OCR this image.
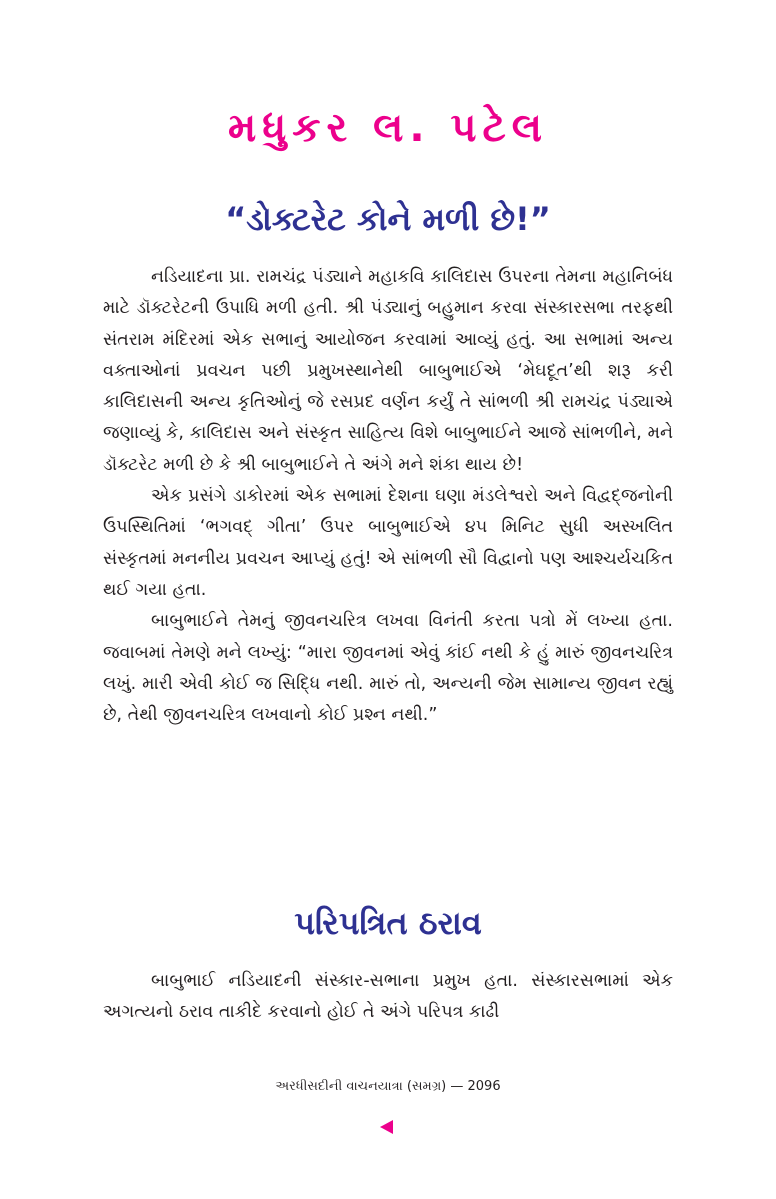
મધુકર લ. પટેલ
“ડોક્ટરેટ કોને મળી છે!”

નડિયાદના પ્રા. રામચંદ્ર પંડ્યાને મહાકવિ કાલિદાસ ઉપરના તેમના મહાનિબંધ માટે ડૉક્ટરેટની ઉપાધિ મળી હતી. શ્રી પંડ્યાનું બહુમાન કરવા સંસ્કારસભા તરફથી સંતરામ મંદિરમાં એક સભાનું આયોજન કરવામાં આવ્યું હતું. આ સભામાં અન્ય વક્તાઓનાં પ્રવચન પછી પ્રમુખસ્થાનેથી બાબુભાઈએ ‘મેઘદૂત’થી શરૂ કરી કાલિદાસની અન્ય કૃતિઓનું જે રસપ્રદ વર્ણન કર્યું તે સાંભળી શ્રી રામચંદ્ર પંડ્યાએ જણાવ્યું કે, કાલિદાસ અને સંસ્કૃત સાહિત્ય વિશે બાબુભાઈને આજે સાંભળીને, મને ડૉક્ટરેટ મળી છે કે શ્રી બાબુભાઈને તે અંગે મને શંકા થાય છે!

એક પ્રસંગે ડાકોરમાં એક સભામાં દેશના ઘણા મંડલેશ્વરો અને વિદ્વદ્જનોની ઉપસ્થિતિમાં ‘ભગવદ્ ગીતા’ ઉપર બાબુભાઈએ ૪૫ મિનિટ સુધી અસ્ખલિત સંસ્કૃતમાં મનનીય પ્રવચન આપ્યું હતું! એ સાંભળી સૌ વિદ્વાનો પણ આશ્ચર્યચકિત થઈ ગયા હતા.

બાબુભાઈને તેમનું જીવનચરિત્ર લખવા વિનંતી કરતા પત્રો મેં લખ્યા હતા. જવાબમાં તેમણે મને લખ્યું: “મારા જીવનમાં એવું કાંઈ નથી કે હું મારું જીવનચરિત્ર લખું. મારી એવી કોઈ જ સિદ્ધિ નથી. મારું તો, અન્યની જેમ સામાન્ય જીવન રહ્યું છે, તેથી જીવનચરિત્ર લખવાનો કોઈ પ્રશ્ન નથી.”

પરિપત્રિત ઠરાવ

બાબુભાઈ નડિયાદની સંસ્કાર-સભાના પ્રમુખ હતા. સંસ્કારસભામાં એક અગત્યનો ઠરાવ તાકીદે કરવાનો હોઈ તે અંગે પરિપત્ર કાઢી

અરધીસદીની વાચનયાત્રા (સમગ્ર) — 2096
